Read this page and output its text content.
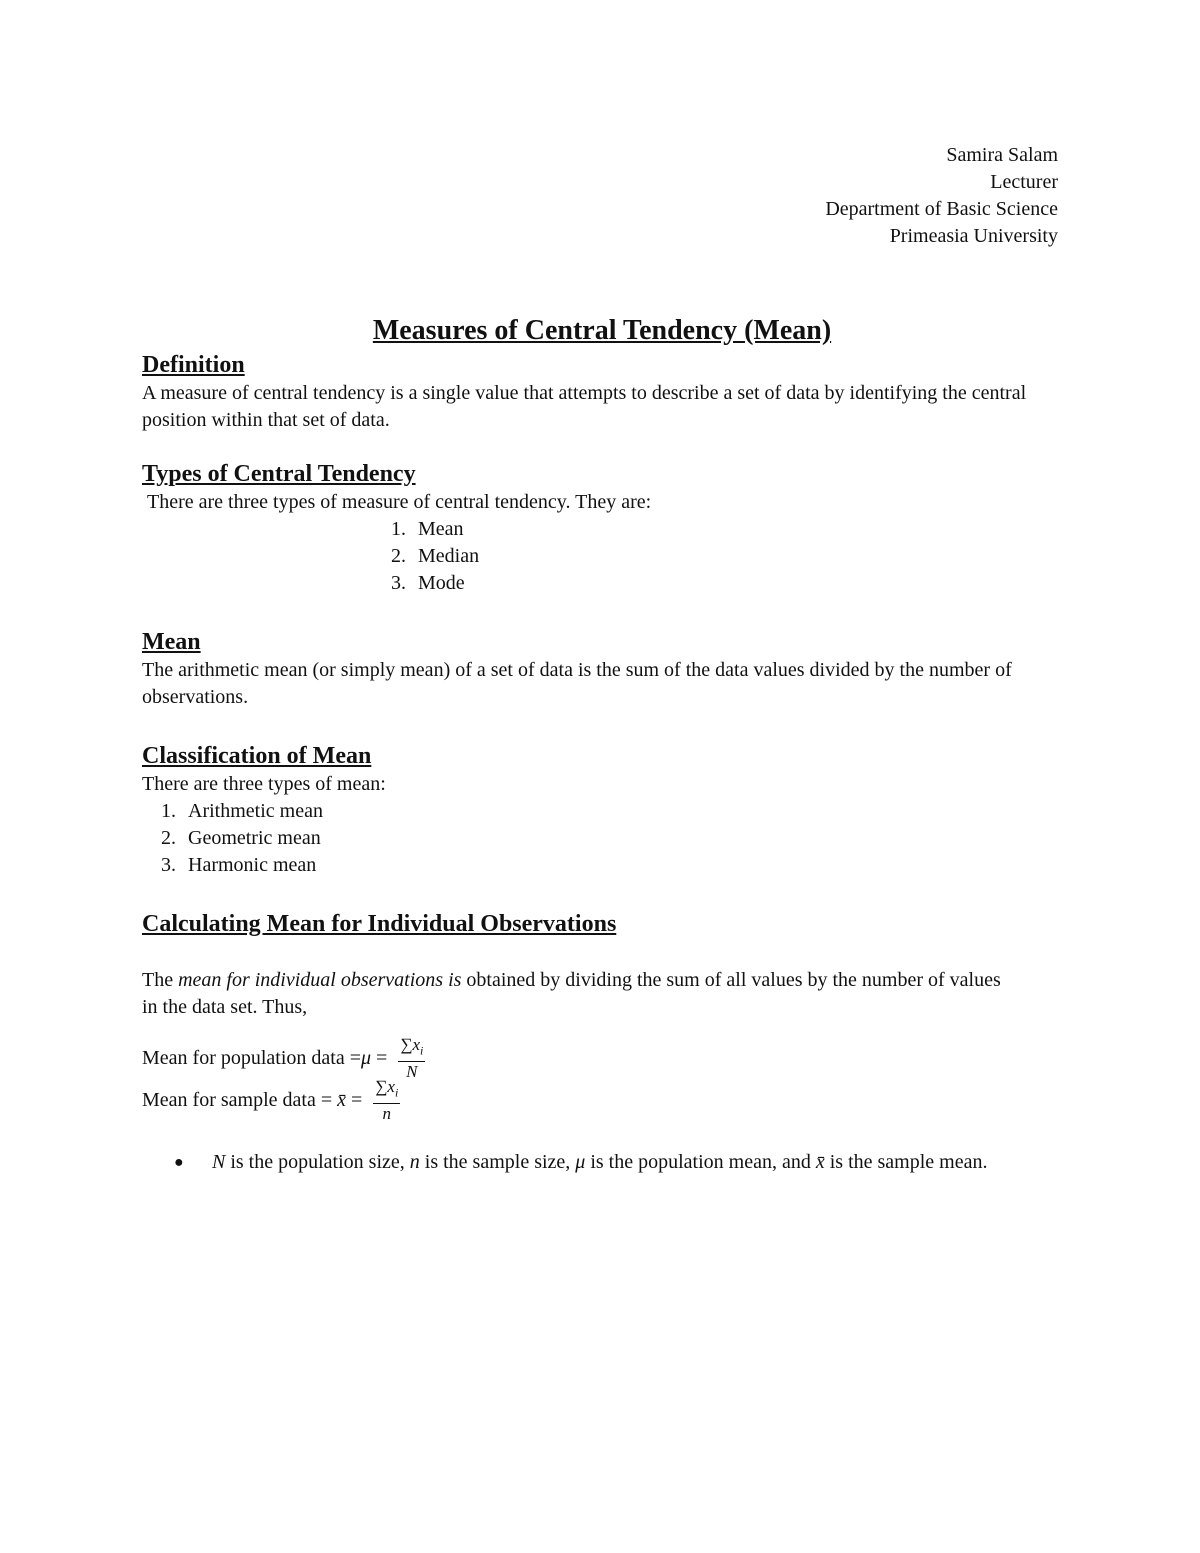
Samira Salam
Lecturer
Department of Basic Science
Primeasia University
Measures of Central Tendency (Mean)
Definition

A measure of central tendency is a single value that attempts to describe a set of data by identifying the central position within that set of data.

Types of Central Tendency

There are three types of measure of central tendency. They are:

1. Mean
2. Median
3. Mode
Mean

The arithmetic mean (or simply mean) of a set of data is the sum of the data values divided by the number of observations.

Classification of Mean

There are three types of mean:

1. Arithmetic mean
2. Geometric mean
3. Harmonic mean
Calculating Mean for Individual Observations

The mean for individual observations is obtained by dividing the sum of all values by the number of values in the data set. Thus,

Mean for population data = $\mu = \frac{\sum x_i}{N}$
Mean for sample data = x̄ = $\frac{\sum x_i}{n}$
●	N is the population size, n is the sample size, μ is the population mean, and x̄ is the sample mean.
